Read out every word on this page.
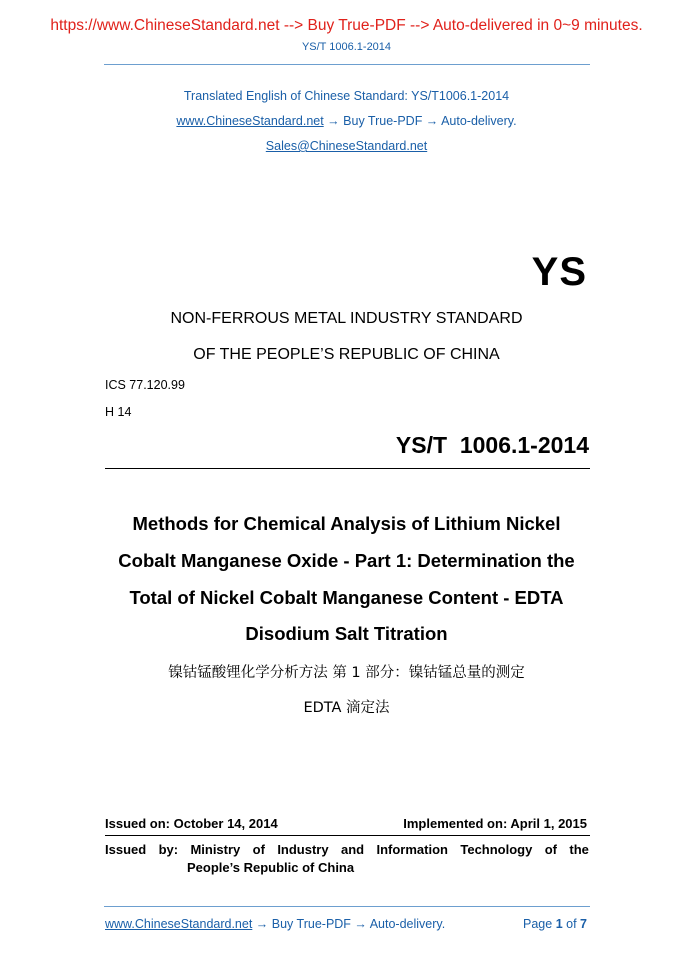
https://www.ChineseStandard.net --> Buy True-PDF --> Auto-delivered in 0~9 minutes.
YS/T 1006.1-2014
Translated English of Chinese Standard: YS/T1006.1-2014
www.ChineseStandard.net → Buy True-PDF → Auto-delivery.
Sales@ChineseStandard.net
YS
NON-FERROUS METAL INDUSTRY STANDARD
OF THE PEOPLE’S REPUBLIC OF CHINA
ICS 77.120.99
H 14
YS/T  1006.1-2014
Methods for Chemical Analysis of Lithium Nickel
Cobalt Manganese Oxide - Part 1: Determination the
Total of Nickel Cobalt Manganese Content - EDTA
Disodium Salt Titration
镍钴锰酸锂化学分析方法 第 1 部分：镍钴锰总量的测定
EDTA 滴定法
Issued on: October 14, 2014	Implemented on: April 1, 2015
Issued by: Ministry of Industry and Information Technology of the
People’s Republic of China
www.ChineseStandard.net → Buy True-PDF → Auto-delivery.	Page 1 of 7
